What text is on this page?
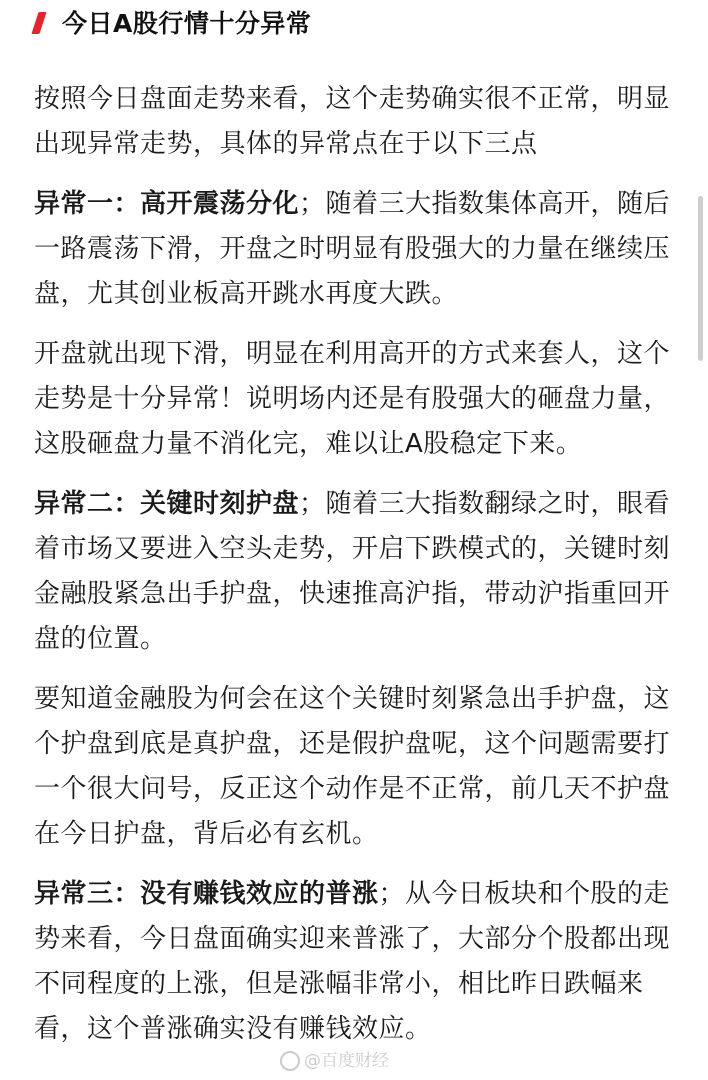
今日A股行情十分异常

按照今日盘面走势来看，这个走势确实很不正常，明显出现异常走势，具体的异常点在于以下三点

异常一：高开震荡分化；随着三大指数集体高开，随后一路震荡下滑，开盘之时明显有股强大的力量在继续压盘，尤其创业板高开跳水再度大跌。

开盘就出现下滑，明显在利用高开的方式来套人，这个走势是十分异常！说明场内还是有股强大的砸盘力量，这股砸盘力量不消化完，难以让A股稳定下来。

异常二：关键时刻护盘；随着三大指数翻绿之时，眼看着市场又要进入空头走势，开启下跌模式的，关键时刻金融股紧急出手护盘，快速推高沪指，带动沪指重回开盘的位置。

要知道金融股为何会在这个关键时刻紧急出手护盘，这个护盘到底是真护盘，还是假护盘呢，这个问题需要打一个很大问号，反正这个动作是不正常，前几天不护盘在今日护盘，背后必有玄机。

异常三：没有赚钱效应的普涨；从今日板块和个股的走势来看，今日盘面确实迎来普涨了，大部分个股都出现不同程度的上涨，但是涨幅非常小，相比昨日跌幅来看，这个普涨确实没有赚钱效应。

@百度财经
